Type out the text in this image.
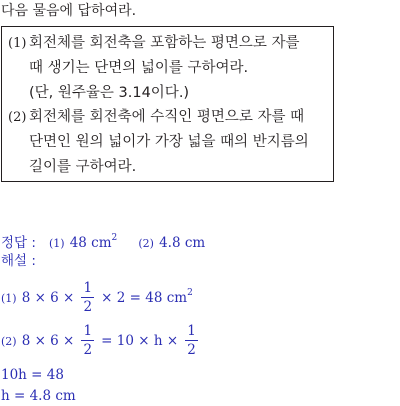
다음 물음에 답하여라.
(1) 회전체를 회전축을 포함하는 평면으로 자를
때 생기는 단면의 넓이를 구하여라.
(단, 원주율은 3.14이다.)
(2) 회전체를 회전축에 수직인 평면으로 자를 때
단면인 원의 넓이가 가장 넓을 때의 반지름의
길이를 구하여라.
정답 : (1) 48 $cm^2$ (2) 4.8 cm
해설 :
(1) $8 \times 6 \times \frac{1}{2} \times 2 = 48$ $cm^2$
(2) $8 \times 6 \times \frac{1}{2} = 10 \times h \times \frac{1}{2}$
10h = 48
h = 4.8 cm
